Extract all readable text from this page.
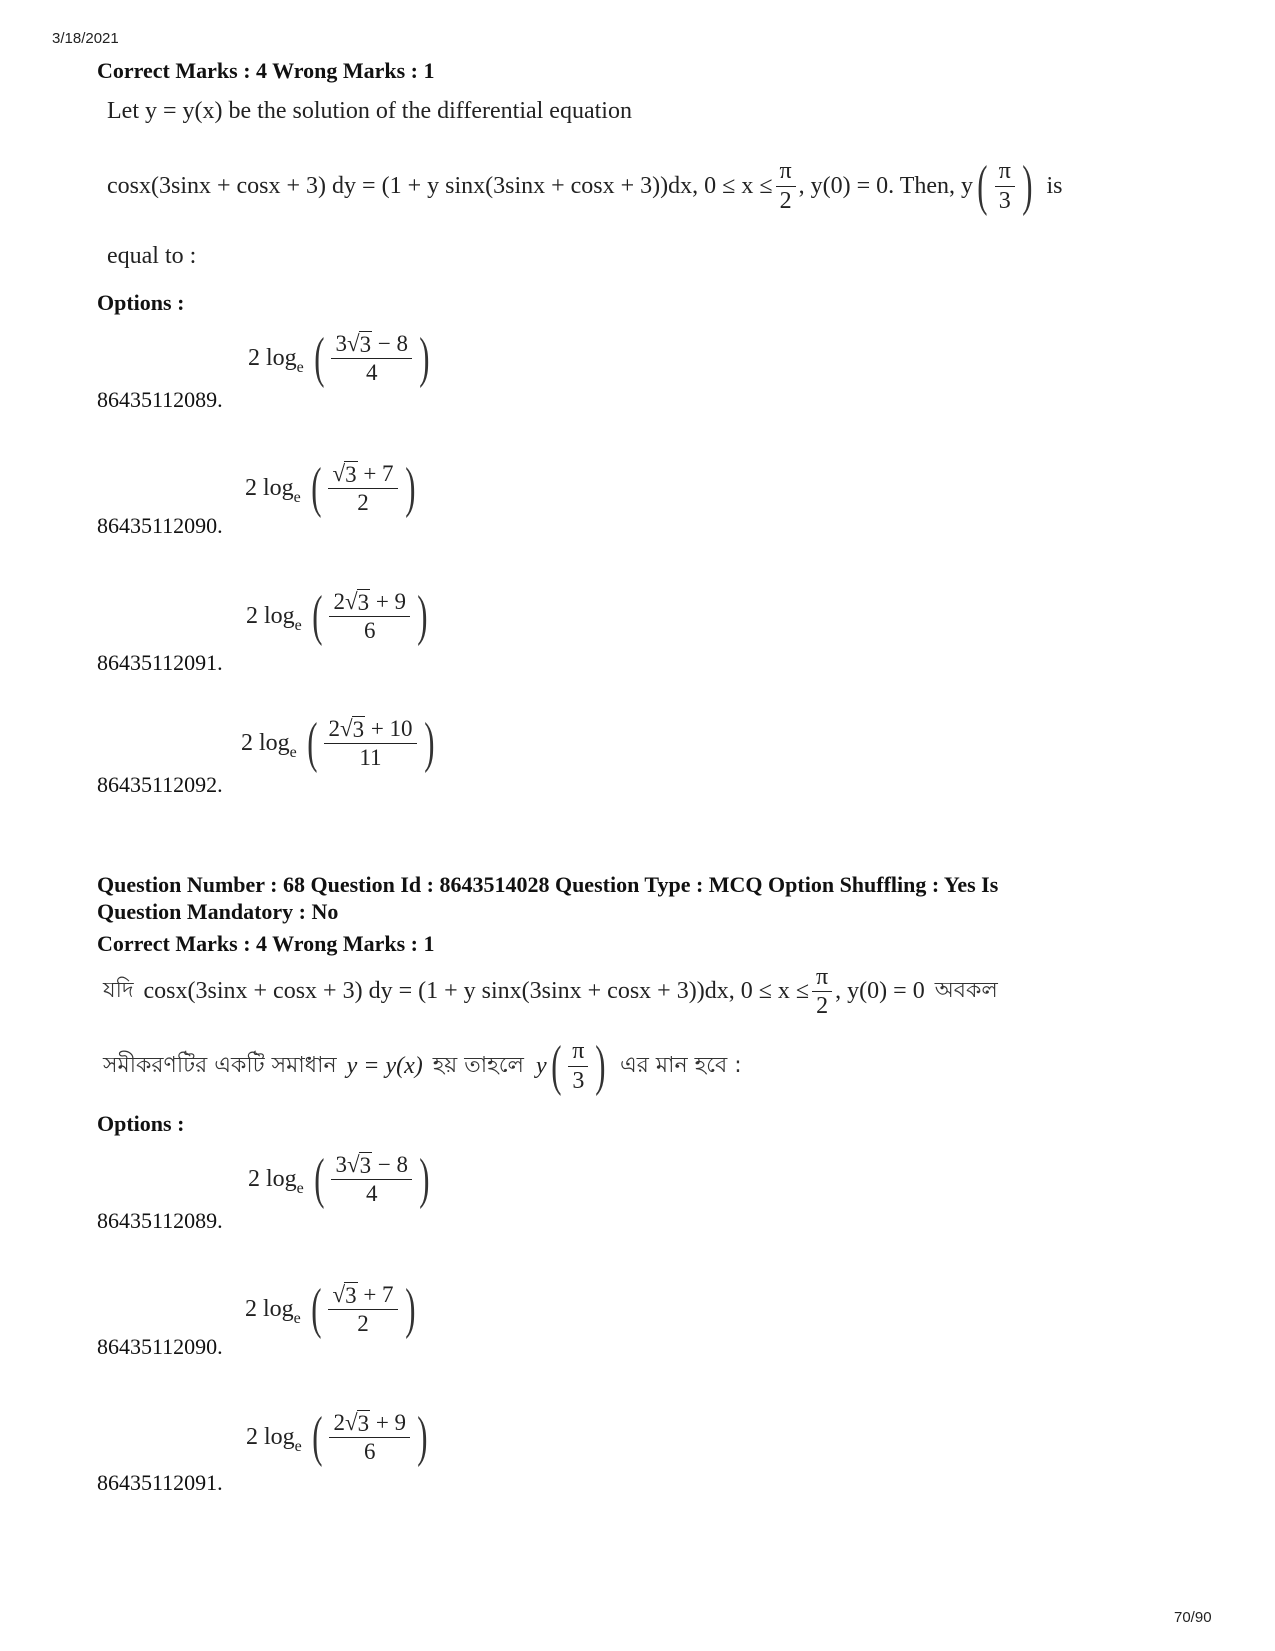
3/18/2021
70/90
Correct Marks : 4 Wrong Marks : 1
Let y = y(x) be the solution of the differential equation
cosx(3sinx + cosx + 3) dy = (1 + y sinx(3sinx + cosx + 3))dx, $0 \le x \le \frac{\pi}{2}$ , y(0) = 0. Then, y ( $\frac{\pi}{3}$ ) is
equal to :
Options :
2 $\log_e$ ( $\frac{3√ 3 - 8}{4}$ )
86435112089.
2 $\log_e$ ( $\frac{√ 3 + 7}{2}$ )
86435112090.
2 $\log_e$ ( $\frac{2√ 3 + 9}{6}$ )
86435112091.
2 $\log_e$ ( $\frac{2√ 3 + 10}{11}$ )
86435112092.
Question Number : 68 Question Id : 8643514028 Question Type : MCQ Option Shuffling : Yes Is
Question Mandatory : No
Correct Marks : 4 Wrong Marks : 1
যদি cosx(3sinx + cosx + 3) dy = (1 + y sinx(3sinx + cosx + 3))dx, $0 \le x \le \frac{\pi}{2}$ , y(0) = 0 অবকল
সমীকরণটির একটি সমাধান y = y(x) হয় তাহলে y ( $\frac{\pi}{3}$ ) এর মান হবে :
Options :
2 $\log_e$ ( $\frac{3√ 3 - 8}{4}$ )
86435112089.
2 $\log_e$ ( $\frac{√ 3 + 7}{2}$ )
86435112090.
2 $\log_e$ ( $\frac{2√ 3 + 9}{6}$ )
86435112091.
